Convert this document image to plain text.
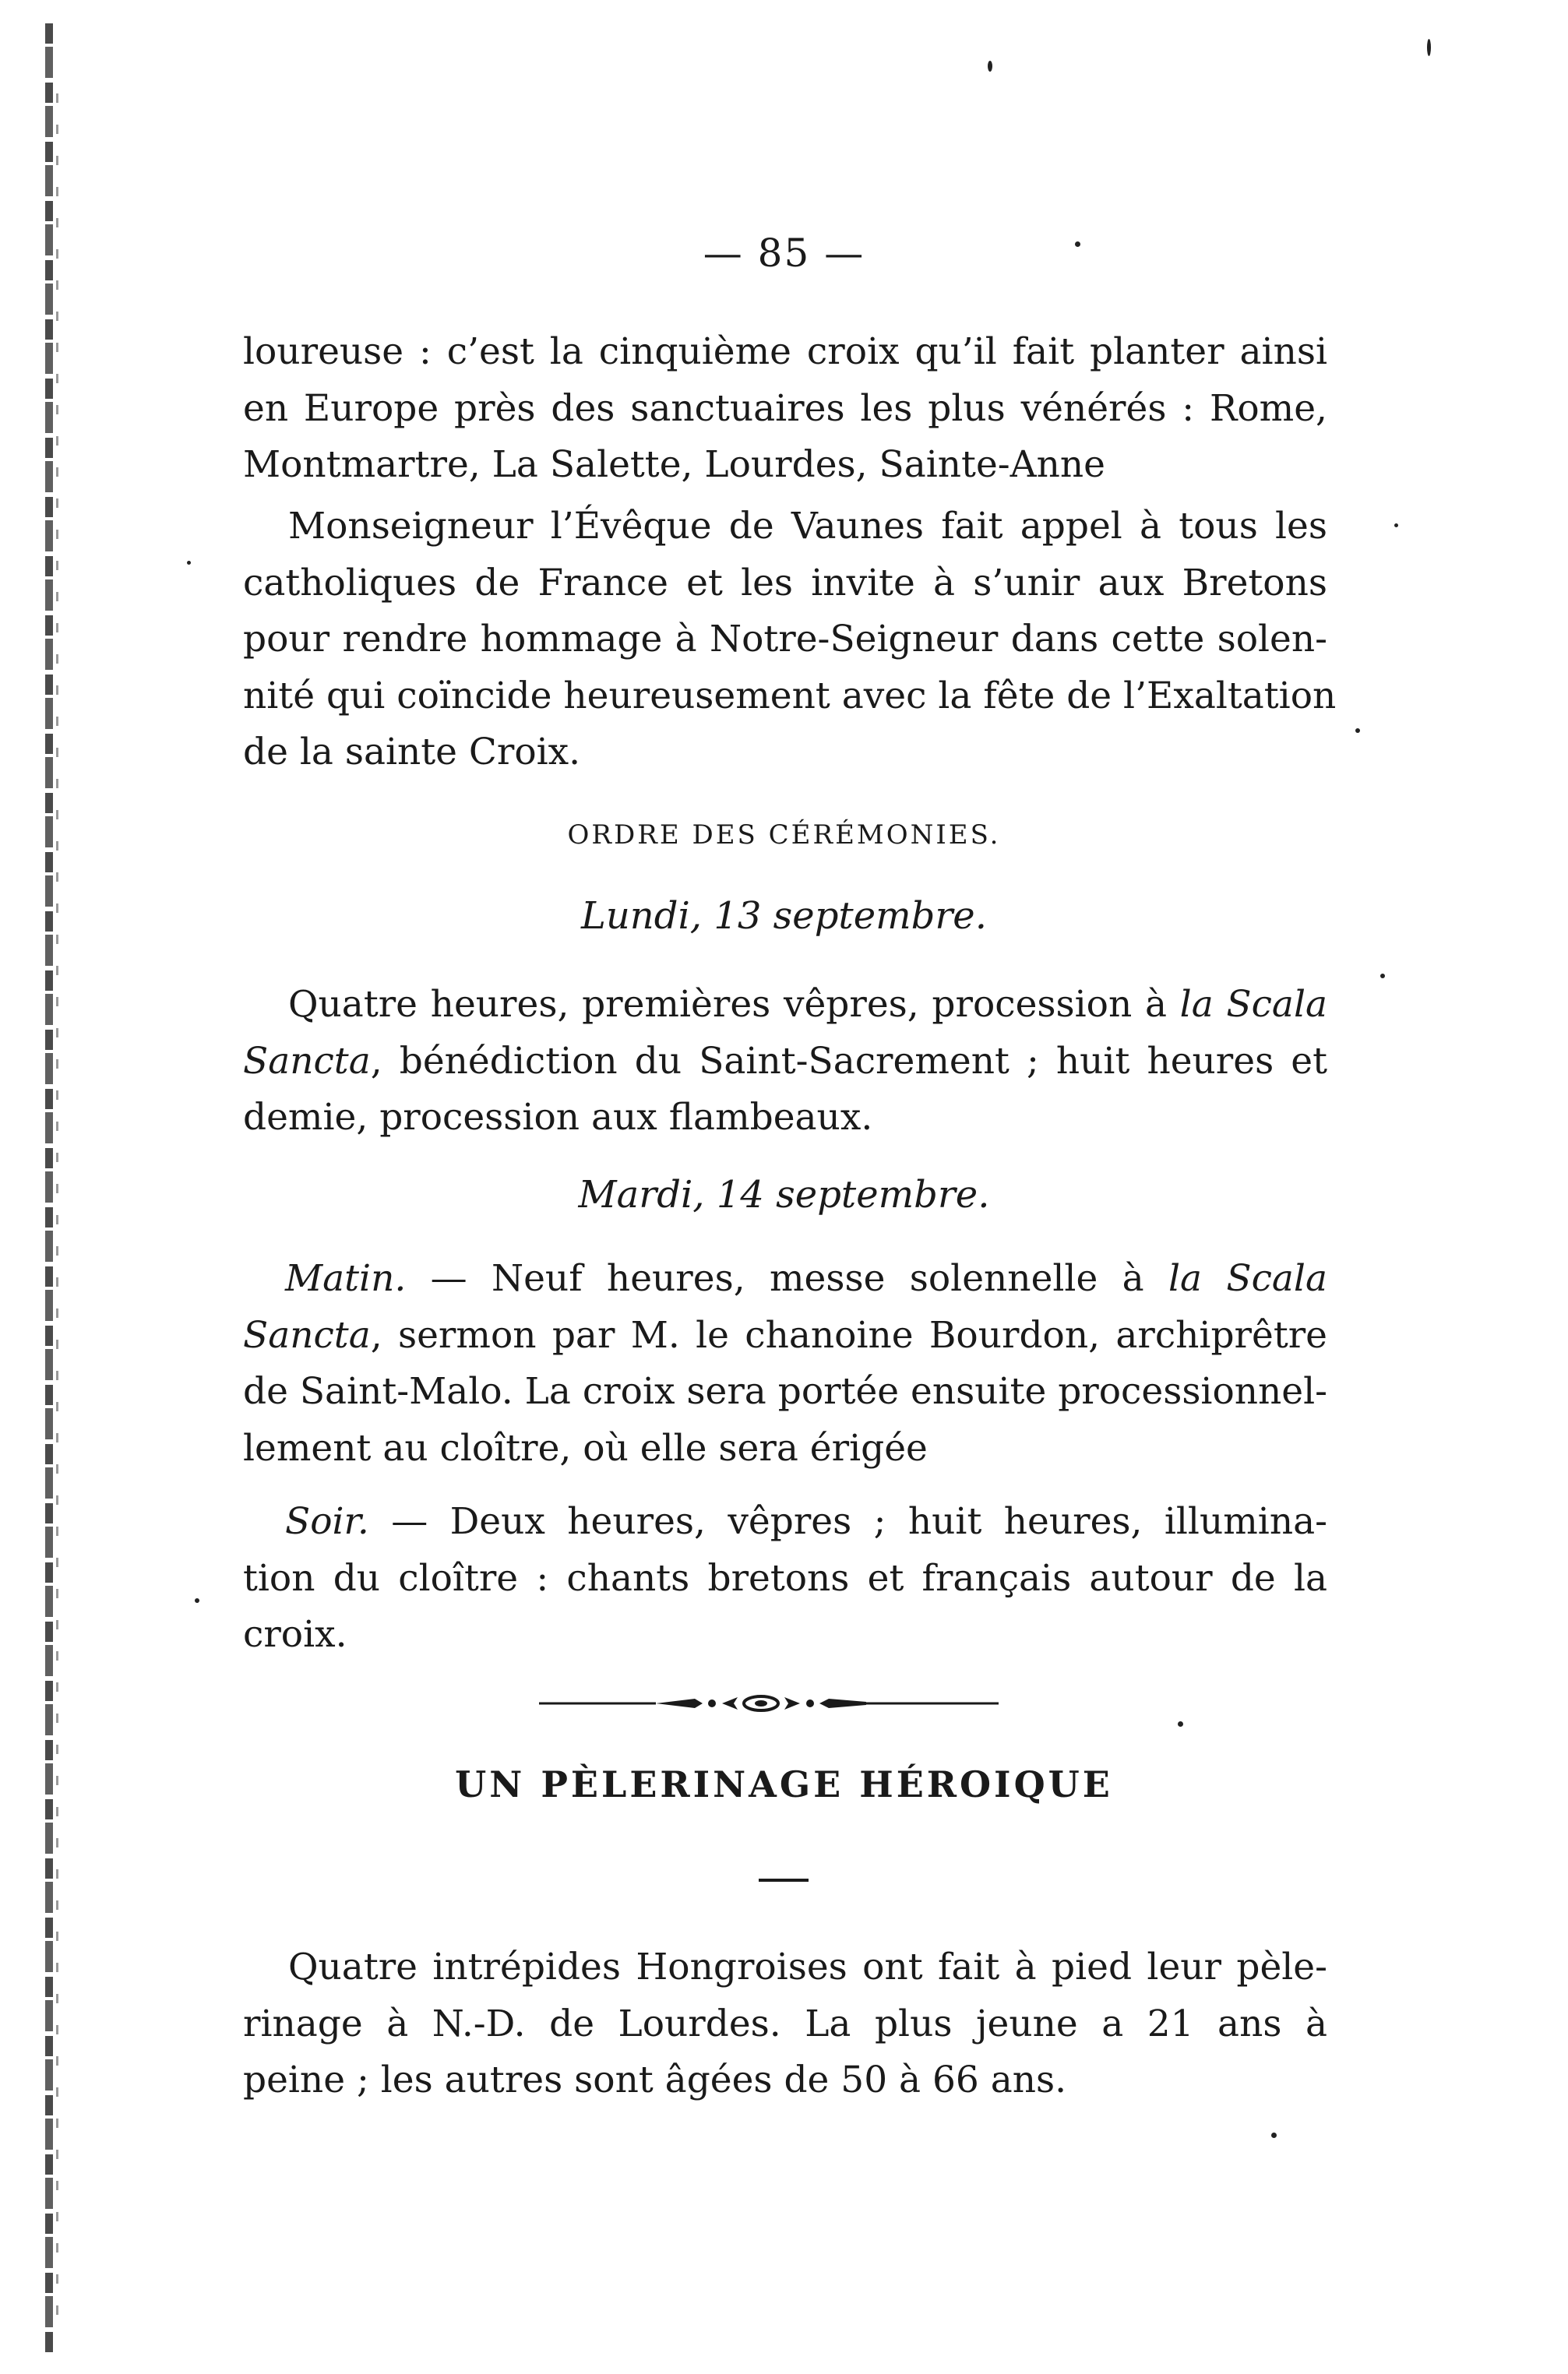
— 85 —

loureuse : c’est la cinquième croix qu’il fait planter ainsi
en Europe près des sanctuaires les plus vénérés : Rome,
Montmartre, La Salette, Lourdes, Sainte-Anne

Monseigneur l’Évêque de Vaunes fait appel à tous les
catholiques de France et les invite à s’unir aux Bretons
pour rendre hommage à Notre-Seigneur dans cette solen-
nité qui coïncide heureusement avec la fête de l’Exaltation
de la sainte Croix.

ORDRE DES CÉRÉMONIES.
Lundi, 13 septembre.

Quatre heures, premières vêpres, procession à la Scala
Sancta, bénédiction du Saint-Sacrement ; huit heures et
demie, procession aux flambeaux.

Mardi, 14 septembre.

Matin. — Neuf heures, messe solennelle à la Scala
Sancta, sermon par M. le chanoine Bourdon, archiprêtre
de Saint-Malo. La croix sera portée ensuite processionnel-
lement au cloître, où elle sera érigée

Soir. — Deux heures, vêpres ; huit heures, illumina-
tion du cloître : chants bretons et français autour de la
croix.

UN PÈLERINAGE HÉROIQUE

Quatre intrépides Hongroises ont fait à pied leur pèle-
rinage à N.-D. de Lourdes. La plus jeune a 21 ans à
peine ; les autres sont âgées de 50 à 66 ans.
